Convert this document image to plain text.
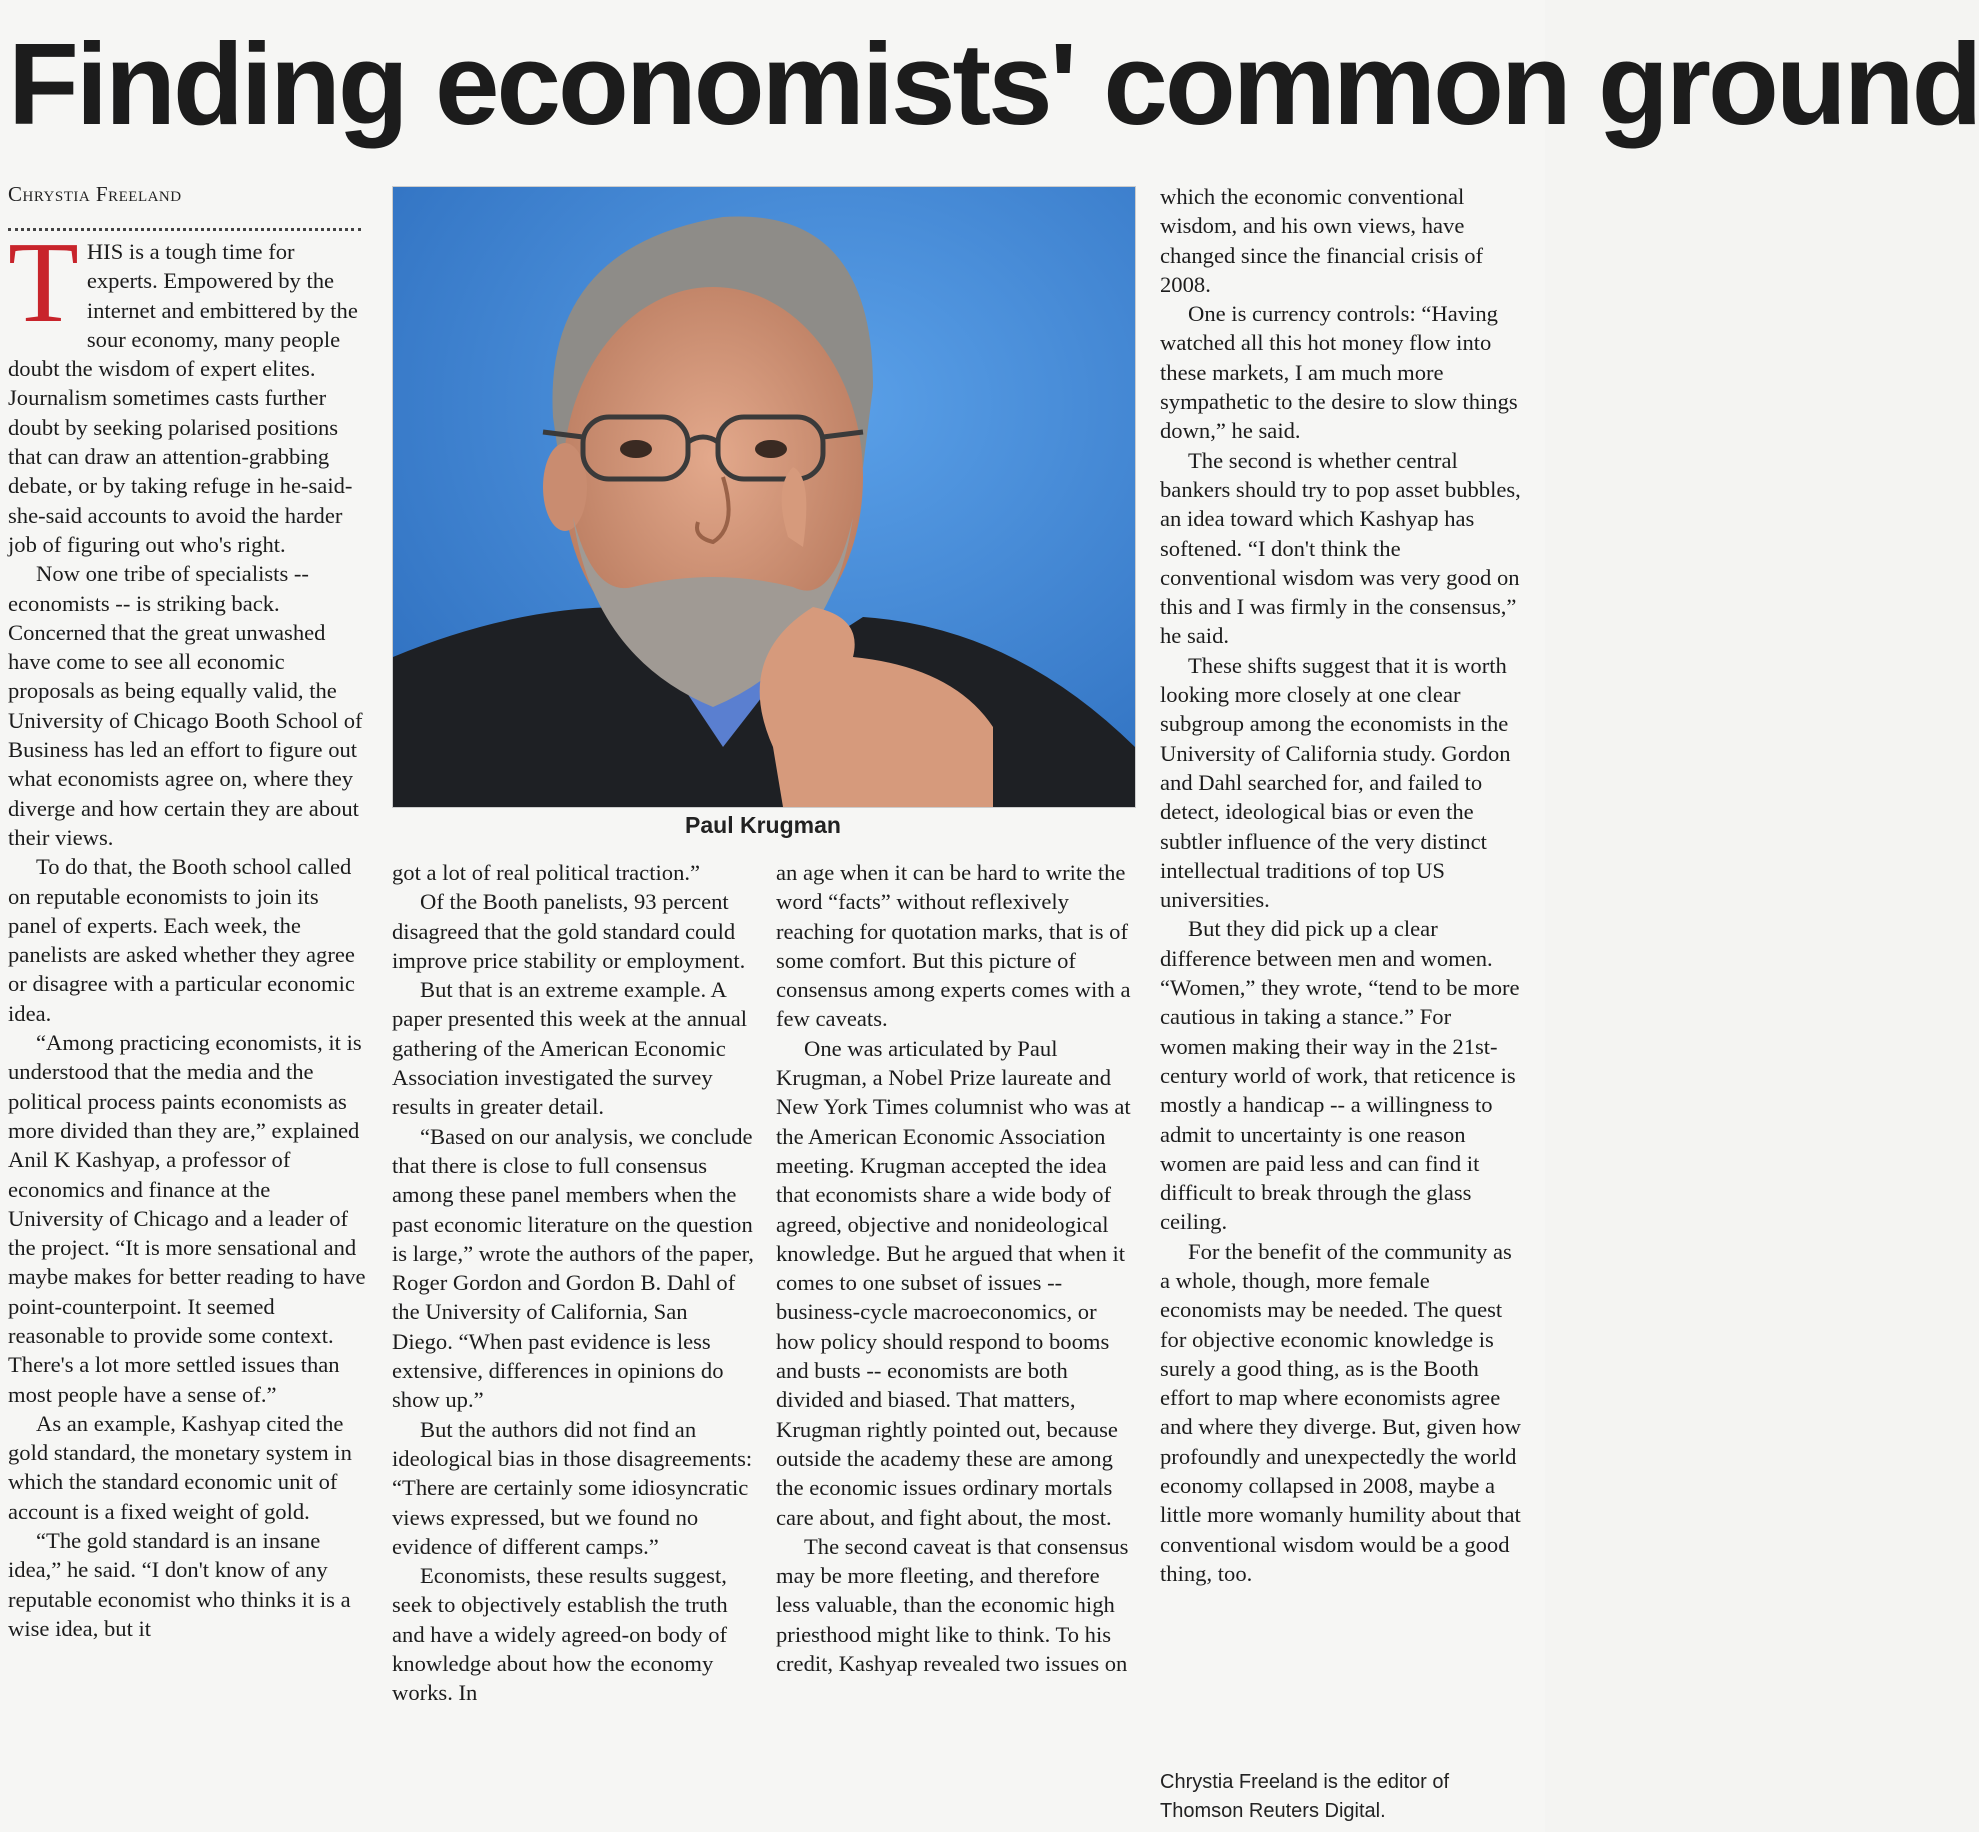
Finding economists' common ground
Chrystia Freeland
T HIS is a tough time for experts. Empowered by the internet and embittered by the sour economy, many people doubt the wisdom of expert elites. Journalism sometimes casts further doubt by seeking polarised positions that can draw an attention-grabbing debate, or by taking refuge in he-said-she-said accounts to avoid the harder job of figuring out who's right.

Now one tribe of specialists -- economists -- is striking back. Concerned that the great unwashed have come to see all economic proposals as being equally valid, the University of Chicago Booth School of Business has led an effort to figure out what economists agree on, where they diverge and how certain they are about their views.

To do that, the Booth school called on reputable economists to join its panel of experts. Each week, the panelists are asked whether they agree or disagree with a particular economic idea.

“Among practicing economists, it is understood that the media and the political process paints economists as more divided than they are,” explained Anil K Kashyap, a professor of economics and finance at the University of Chicago and a leader of the project. “It is more sensational and maybe makes for better reading to have point-counterpoint. It seemed reasonable to provide some context. There's a lot more settled issues than most people have a sense of.”

As an example, Kashyap cited the gold standard, the monetary system in which the standard economic unit of account is a fixed weight of gold.

“The gold standard is an insane idea,” he said. “I don't know of any reputable economist who thinks it is a wise idea, but it

Paul Krugman

got a lot of real political traction.”

Of the Booth panelists, 93 percent disagreed that the gold standard could improve price stability or employment.

But that is an extreme example. A paper presented this week at the annual gathering of the American Economic Association investigated the survey results in greater detail.

“Based on our analysis, we conclude that there is close to full consensus among these panel members when the past economic literature on the question is large,” wrote the authors of the paper, Roger Gordon and Gordon B. Dahl of the University of California, San Diego. “When past evidence is less extensive, differences in opinions do show up.”

But the authors did not find an ideological bias in those disagreements: “There are certainly some idiosyncratic views expressed, but we found no evidence of different camps.”

Economists, these results suggest, seek to objectively establish the truth and have a widely agreed-on body of knowledge about how the economy works. In

an age when it can be hard to write the word “facts” without reflexively reaching for quotation marks, that is of some comfort. But this picture of consensus among experts comes with a few caveats.

One was articulated by Paul Krugman, a Nobel Prize laureate and New York Times columnist who was at the American Economic Association meeting. Krugman accepted the idea that economists share a wide body of agreed, objective and nonideological knowledge. But he argued that when it comes to one subset of issues -- business-cycle macroeconomics, or how policy should respond to booms and busts -- economists are both divided and biased. That matters, Krugman rightly pointed out, because outside the academy these are among the economic issues ordinary mortals care about, and fight about, the most.

The second caveat is that consensus may be more fleeting, and therefore less valuable, than the economic high priesthood might like to think. To his credit, Kashyap revealed two issues on

which the economic conventional wisdom, and his own views, have changed since the financial crisis of 2008.

One is currency controls: “Having watched all this hot money flow into these markets, I am much more sympathetic to the desire to slow things down,” he said.

The second is whether central bankers should try to pop asset bubbles, an idea toward which Kashyap has softened. “I don't think the conventional wisdom was very good on this and I was firmly in the consensus,” he said.

These shifts suggest that it is worth looking more closely at one clear subgroup among the economists in the University of California study. Gordon and Dahl searched for, and failed to detect, ideological bias or even the subtler influence of the very distinct intellectual traditions of top US universities.

But they did pick up a clear difference between men and women. “Women,” they wrote, “tend to be more cautious in taking a stance.” For women making their way in the 21st-century world of work, that reticence is mostly a handicap -- a willingness to admit to uncertainty is one reason women are paid less and can find it difficult to break through the glass ceiling.

For the benefit of the community as a whole, though, more female economists may be needed. The quest for objective economic knowledge is surely a good thing, as is the Booth effort to map where economists agree and where they diverge. But, given how profoundly and unexpectedly the world economy collapsed in 2008, maybe a little more womanly humility about that conventional wisdom would be a good thing, too.

Chrystia Freeland is the editor of
Thomson Reuters Digital.
